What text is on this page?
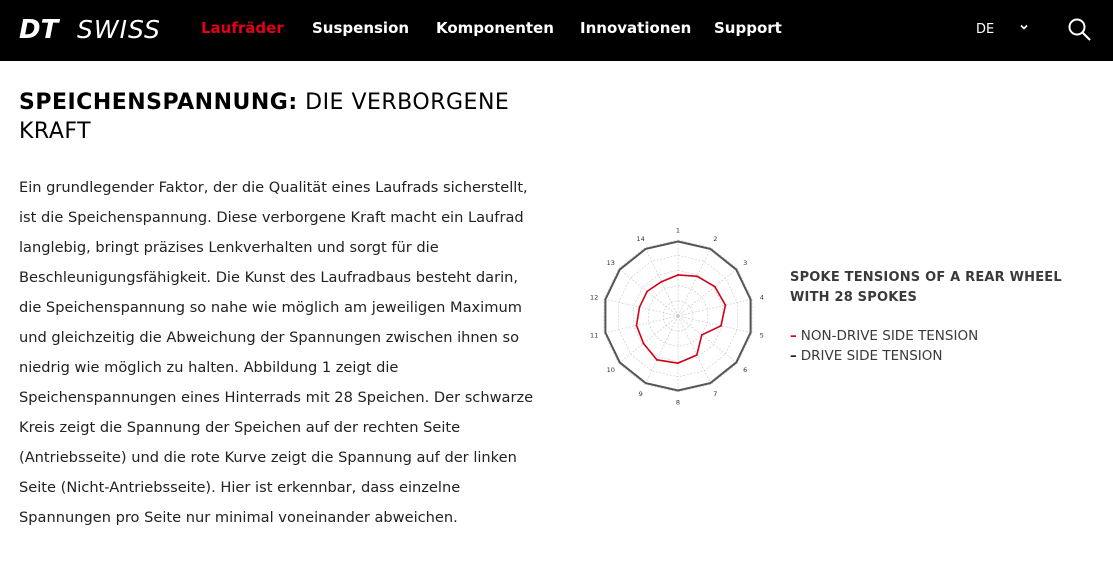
DT SWISS	Laufräder Suspension Komponenten Innovationen Support	DE
SPEICHENSPANNUNG: DIE VERBORGENE KRAFT

Ein grundlegender Faktor, der die Qualität eines Laufrads sicherstellt, ist die Speichenspannung. Diese verborgene Kraft macht ein Laufrad langlebig, bringt präzises Lenkverhalten und sorgt für die Beschleunigungsfähigkeit. Die Kunst des Laufradbaus besteht darin, die Speichenspannung so nahe wie möglich am jeweiligen Maximum und gleichzeitig die Abweichung der Spannungen zwischen ihnen so niedrig wie möglich zu halten. Abbildung 1 zeigt die Speichenspannungen eines Hinterrads mit 28 Speichen. Der schwarze Kreis zeigt die Spannung der Speichen auf der rechten Seite (Antriebsseite) und die rote Kurve zeigt die Spannung auf der linken Seite (Nicht-Antriebsseite). Hier ist erkennbar, dass einzelne Spannungen pro Seite nur minimal voneinander abweichen.

1
2
3
4
5
6
7
8
9
10
11
12
13
14

SPOKE TENSIONS OF A REAR WHEEL WITH 28 SPOKES

– NON-DRIVE SIDE TENSION
– DRIVE SIDE TENSION
